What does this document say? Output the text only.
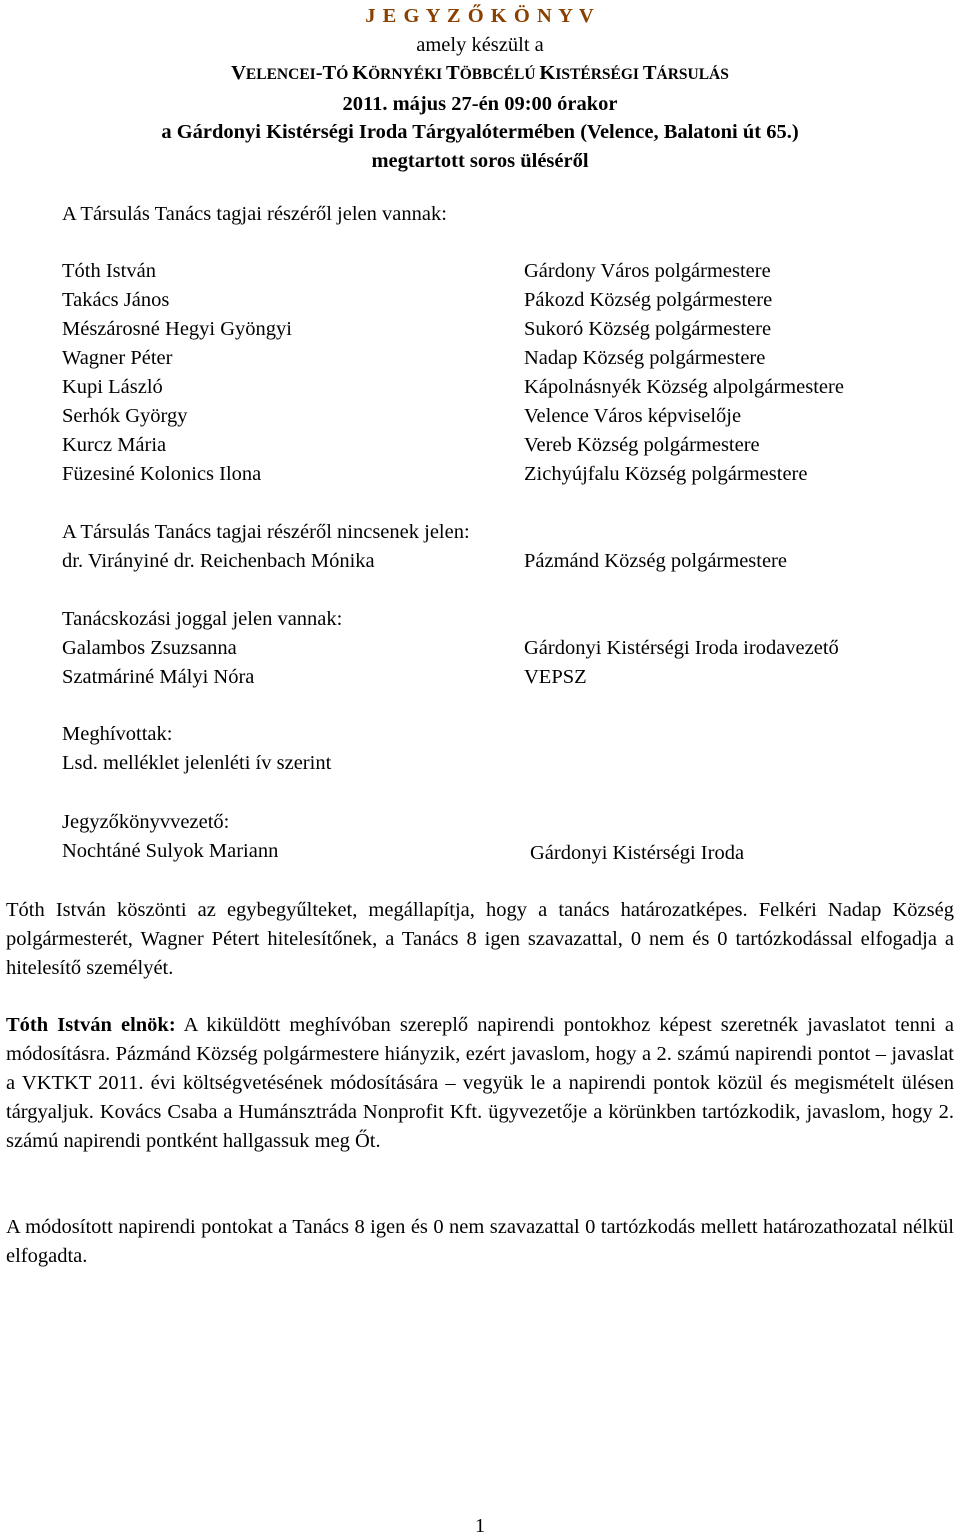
J E G Y Z Ő K Ö N Y V
amely készült a
VELENCEI-TÓ KÖRNYÉKI TÖBBCÉLÚ KISTÉRSÉGI TÁRSULÁS
2011. május 27-én 09:00 órakor
a Gárdonyi Kistérségi Iroda Tárgyalótermében (Velence, Balatoni út 65.)
megtartott soros üléséről
A Társulás Tanács tagjai részéről jelen vannak:
Tóth István
Takács János
Mészárosné Hegyi Gyöngyi
Wagner Péter
Kupi László
Serhók György
Kurcz Mária
Füzesiné Kolonics Ilona
Gárdony Város polgármestere
Pákozd Község polgármestere
Sukoró Község polgármestere
Nadap Község polgármestere
Kápolnásnyék Község alpolgármestere
Velence Város képviselője
Vereb Község polgármestere
Zichyújfalu Község polgármestere
A Társulás Tanács tagjai részéről nincsenek jelen:
dr. Virányiné dr. Reichenbach Mónika	Pázmánd Község polgármestere
Tanácskozási joggal jelen vannak:
Galambos Zsuzsanna
Szatmáriné Mályi Nóra
Gárdonyi Kistérségi Iroda irodavezető
VEPSZ
Meghívottak:
Lsd. melléklet jelenléti ív szerint
Jegyzőkönyvvezető:
Nochtáné Sulyok Mariann	Gárdonyi Kistérségi Iroda
Tóth István köszönti az egybegyűlteket, megállapítja, hogy a tanács határozatképes. Felkéri Nadap Község polgármesterét, Wagner Pétert hitelesítőnek, a Tanács 8 igen szavazattal, 0 nem és 0 tartózkodással elfogadja a hitelesítő személyét.
Tóth István elnök: A kiküldött meghívóban szereplő napirendi pontokhoz képest szeretnék javaslatot tenni a módosításra. Pázmánd Község polgármestere hiányzik, ezért javaslom, hogy a 2. számú napirendi pontot – javaslat a VKTKT 2011. évi költségvetésének módosítására – vegyük le a napirendi pontok közül és megismételt ülésen tárgyaljuk. Kovács Csaba a Humánsztráda Nonprofit Kft. ügyvezetője a körünkben tartózkodik, javaslom, hogy 2. számú napirendi pontként hallgassuk meg Őt.
A módosított napirendi pontokat a Tanács 8 igen és 0 nem szavazattal 0 tartózkodás mellett határozathozatal nélkül elfogadta.
1
